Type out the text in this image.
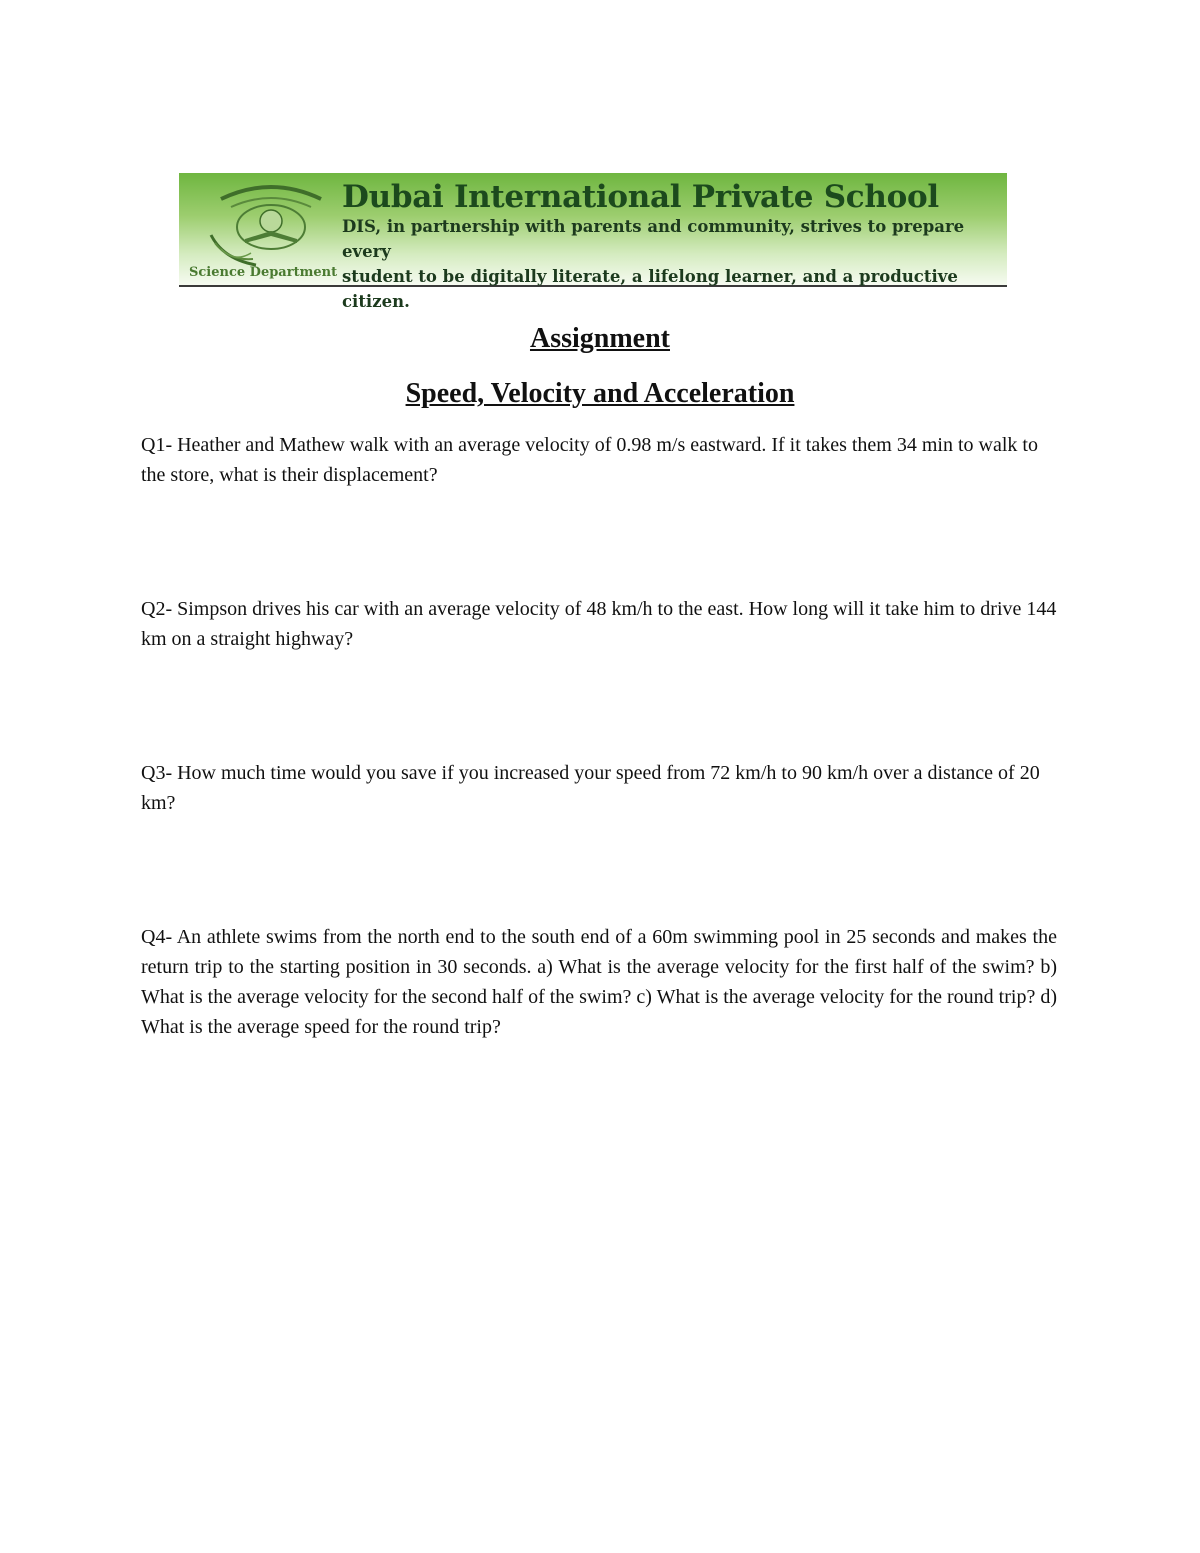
Science Department
Dubai International Private School
DIS, in partnership with parents and community, strives to prepare every
student to be digitally literate, a lifelong learner, and a productive citizen.
Assignment
Speed, Velocity and Acceleration

Q1- Heather and Mathew walk with an average velocity of 0.98 m/s eastward. If it takes them 34 min to walk to the store, what is their displacement?

Q2- Simpson drives his car with an average velocity of 48 km/h to the east. How long will it take him to drive 144 km on a straight highway?

Q3- How much time would you save if you increased your speed from 72 km/h to 90 km/h over a distance of 20 km?

Q4- An athlete swims from the north end to the south end of a 60m swimming pool in 25 seconds and makes the return trip to the starting position in 30 seconds. a) What is the average velocity for the first half of the swim? b) What is the average velocity for the second half of the swim? c) What is the average velocity for the round trip? d) What is the average speed for the round trip?
